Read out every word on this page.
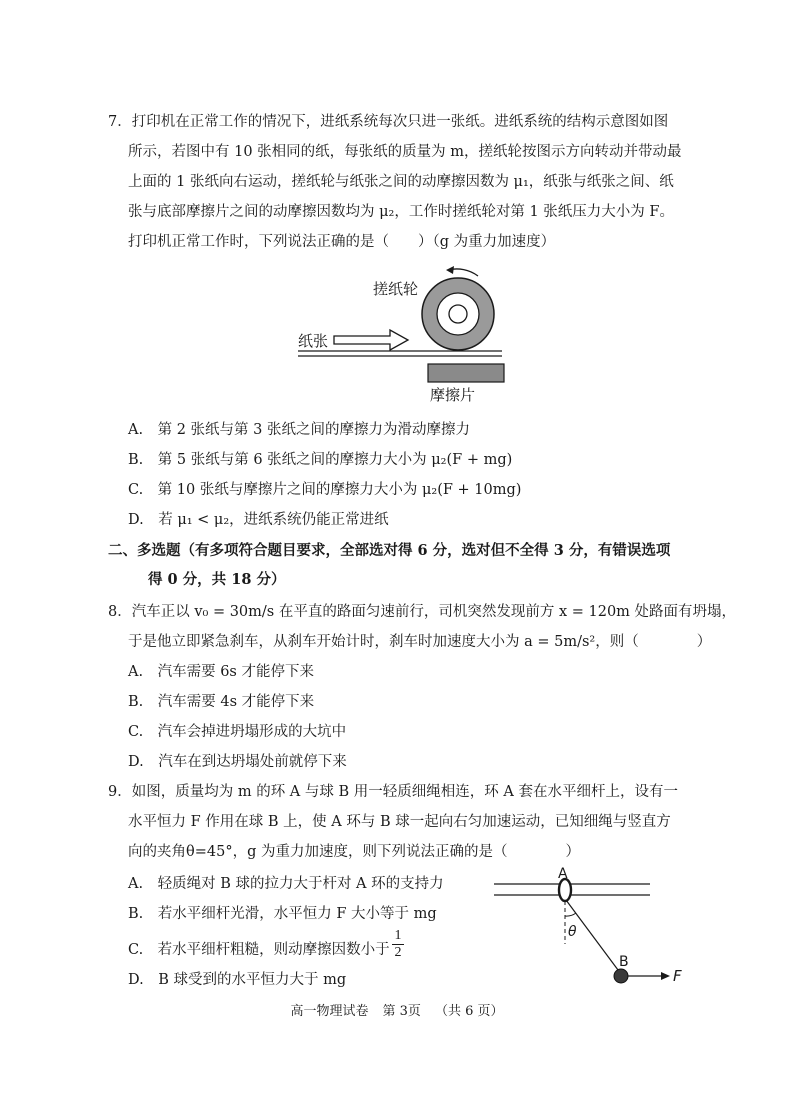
7．打印机在正常工作的情况下，进纸系统每次只进一张纸。进纸系统的结构示意图如图
所示，若图中有 10 张相同的纸，每张纸的质量为 m，搓纸轮按图示方向转动并带动最
上面的 1 张纸向右运动，搓纸轮与纸张之间的动摩擦因数为 μ₁，纸张与纸张之间、纸
张与底部摩擦片之间的动摩擦因数均为 μ₂，工作时搓纸轮对第 1 张纸压力大小为 F。
打印机正常工作时，下列说法正确的是（　　）（g 为重力加速度）
搓纸轮
纸张
摩擦片
A.　第 2 张纸与第 3 张纸之间的摩擦力为滑动摩擦力
B.　第 5 张纸与第 6 张纸之间的摩擦力大小为 μ₂(F + mg)
C.　第 10 张纸与摩擦片之间的摩擦力大小为 μ₂(F + 10mg)
D.　若 μ₁ < μ₂，进纸系统仍能正常进纸
二、多选题（有多项符合题目要求，全部选对得 6 分，选对但不全得 3 分，有错误选项
得 0 分，共 18 分）
8．汽车正以 v₀ = 30m/s 在平直的路面匀速前行，司机突然发现前方 x = 120m 处路面有坍塌，
于是他立即紧急刹车，从刹车开始计时，刹车时加速度大小为 a = 5m/s²，则（　　　　）
A.　汽车需要 6s 才能停下来
B.　汽车需要 4s 才能停下来
C.　汽车会掉进坍塌形成的大坑中
D.　汽车在到达坍塌处前就停下来
9．如图，质量均为 m 的环 A 与球 B 用一轻质细绳相连，环 A 套在水平细杆上，设有一
水平恒力 F 作用在球 B 上，使 A 环与 B 球一起向右匀加速运动，已知细绳与竖直方
向的夹角θ=45°，g 为重力加速度，则下列说法正确的是（　　　　）
A.　轻质绳对 B 球的拉力大于杆对 A 环的支持力
B.　若水平细杆光滑，水平恒力 F 大小等于 mg
C.　若水平细杆粗糙，则动摩擦因数小于 $\frac{1}{2}$
D.　B 球受到的水平恒力大于 mg
A
θ
B
F
高一物理试卷 第 3页 （共 6 页）
